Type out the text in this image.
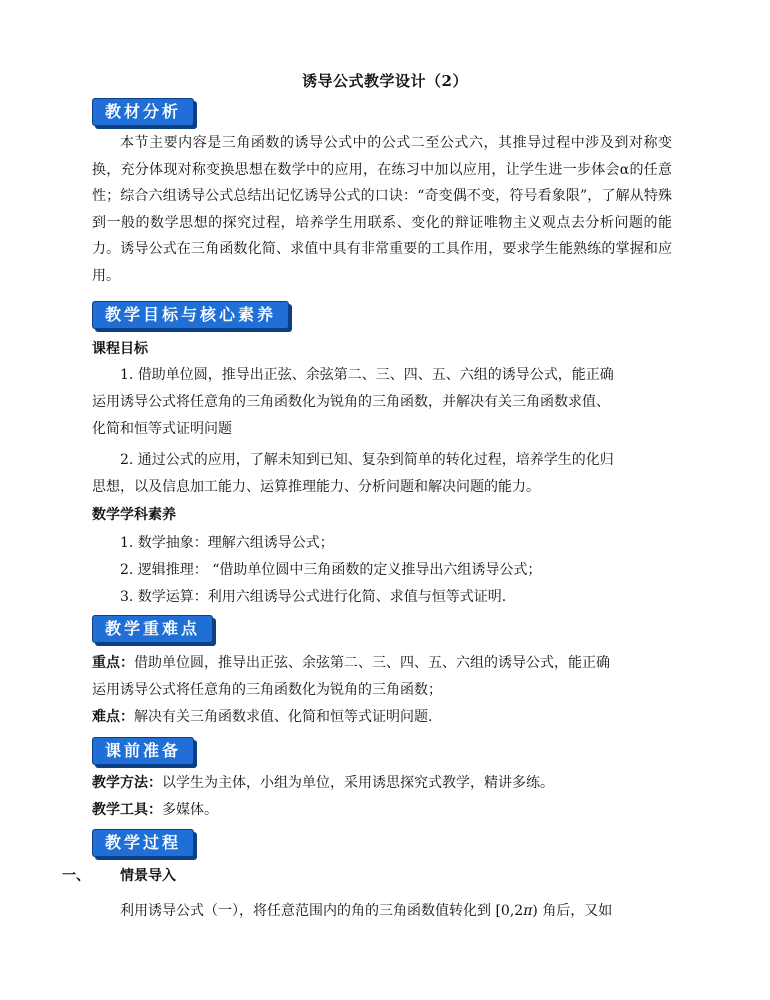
诱导公式教学设计（2）
教材分析
本节主要内容是三角函数的诱导公式中的公式二至公式六，其推导过程中涉及到对称变换，充分体现对称变换思想在数学中的应用，在练习中加以应用，让学生进一步体会α的任意性；综合六组诱导公式总结出记忆诱导公式的口诀：“奇变偶不变，符号看象限”，了解从特殊到一般的数学思想的探究过程，培养学生用联系、变化的辩证唯物主义观点去分析问题的能力。诱导公式在三角函数化简、求值中具有非常重要的工具作用，要求学生能熟练的掌握和应用。
教学目标与核心素养
课程目标
1. 借助单位圆，推导出正弦、余弦第二、三、四、五、六组的诱导公式，能正确
运用诱导公式将任意角的三角函数化为锐角的三角函数，并解决有关三角函数求值、
化简和恒等式证明问题
2. 通过公式的应用，了解未知到已知、复杂到简单的转化过程，培养学生的化归
思想，以及信息加工能力、运算推理能力、分析问题和解决问题的能力。
数学学科素养
1. 数学抽象：理解六组诱导公式；
2. 逻辑推理： “借助单位圆中三角函数的定义推导出六组诱导公式；
3. 数学运算：利用六组诱导公式进行化简、求值与恒等式证明.
教学重难点
重点：借助单位圆，推导出正弦、余弦第二、三、四、五、六组的诱导公式，能正确
运用诱导公式将任意角的三角函数化为锐角的三角函数；
难点：解决有关三角函数求值、化简和恒等式证明问题.
课前准备
教学方法：以学生为主体，小组为单位，采用诱思探究式教学，精讲多练。
教学工具：多媒体。
教学过程
一、 情景导入
利用诱导公式（一），将任意范围内的角的三角函数值转化到 [0,2π) 角后，又如
